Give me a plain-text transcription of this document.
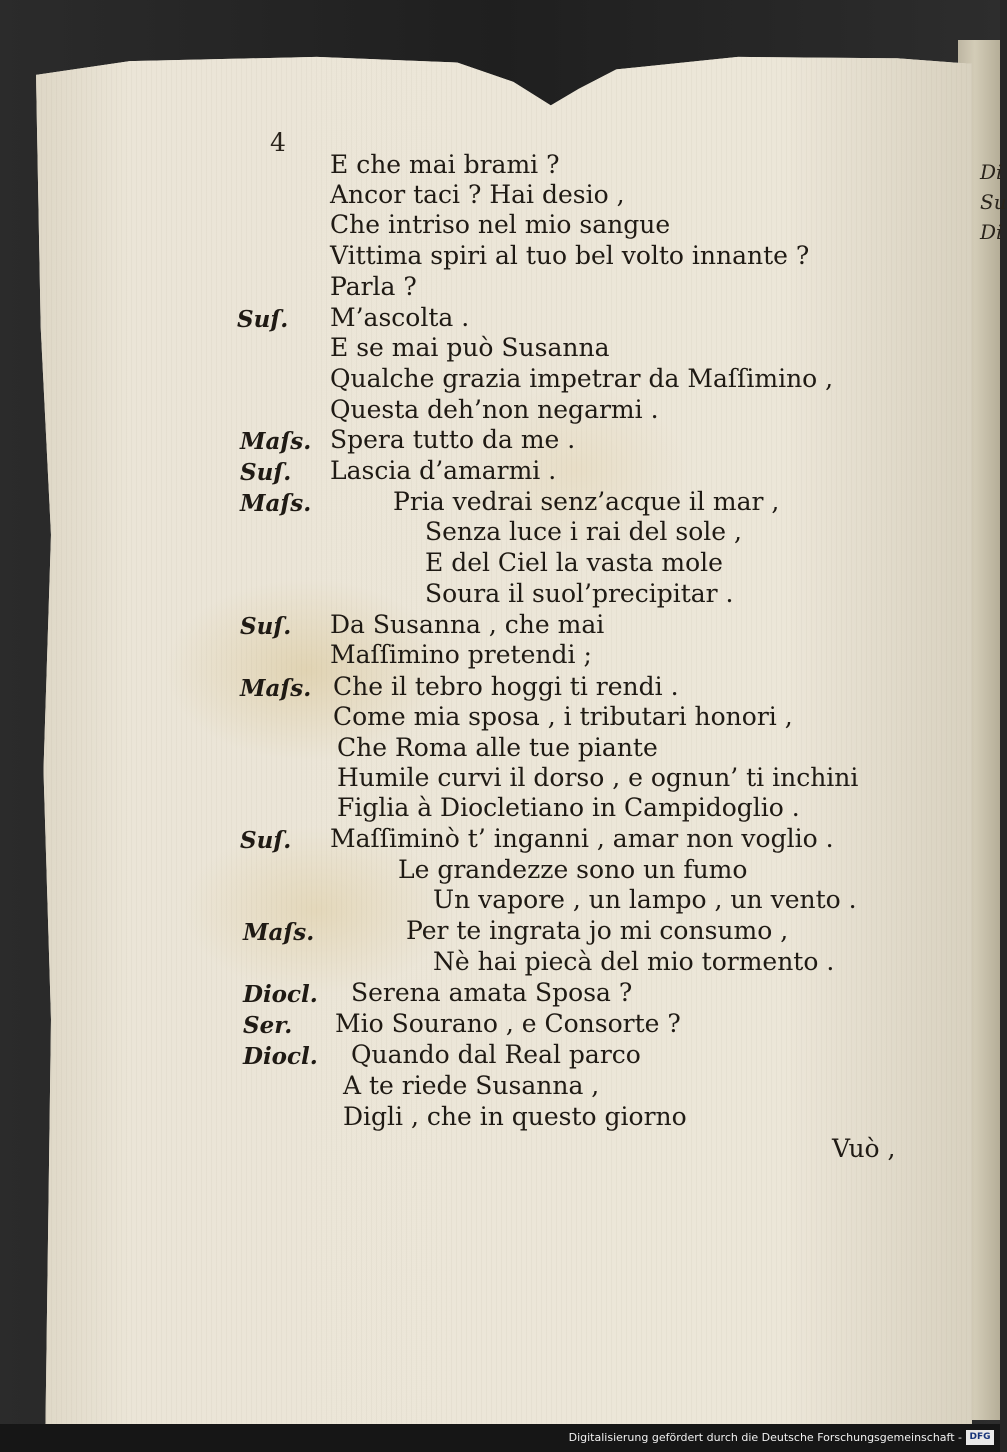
Di
Su
Di
4
E che mai brami ?
Ancor taci ? Hai desio ,
Che intriso nel mio sangue
Vittima spiri al tuo bel volto innante ?
Parla ?
Suſ. M’ascolta .
E se mai può Susanna
Qualche grazia impetrar da Maſſimino ,
Questa deh’non negarmi .
Maſs. Spera tutto da me .
Suſ. Lascia d’amarmi .
Maſs.	Pria vedrai senz’acque il mar ,
Senza luce i rai del sole ,
E del Ciel la vasta mole
Soura il suol’precipitar .
Suſ. Da Susanna , che mai
Maſſimino pretendi ;
Maſs. Che il tebro hoggi ti rendi .
Come mia sposa , i tributari honori ,
Che Roma alle tue piante
Humile curvi il dorso , e ognun’ ti inchini
Figlia à Diocletiano in Campidoglio .
Suſ. Maſſiminò t’ inganni , amar non voglio .
Le grandezze sono un fumo
Un vapore , un lampo , un vento .
Maſs.	Per te ingrata jo mi consumo ,
Nè hai piecà del mio tormento .
Diocl. Serena amata Sposa ?
Ser. Mio Sourano , e Consorte ?
Diocl. Quando dal Real parco
A te riede Susanna ,
Digli , che in questo giorno
Vuò ,
Digitalisierung gefördert durch die Deutsche Forschungsgemeinschaft - DFG
